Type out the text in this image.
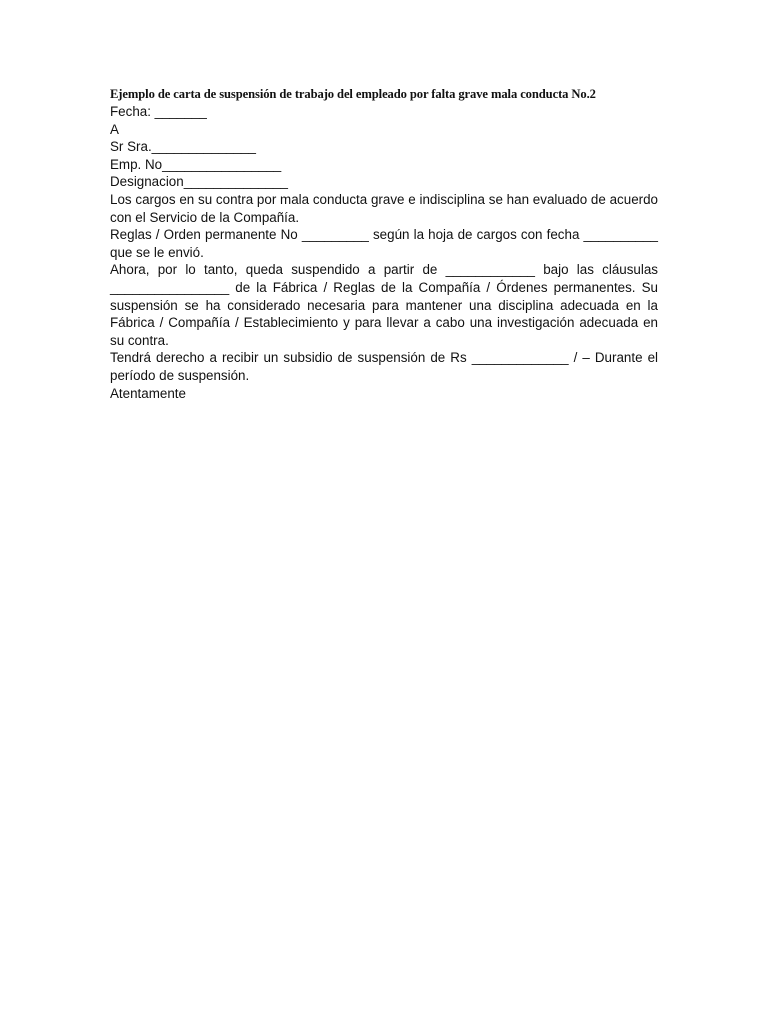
Ejemplo de carta de suspensión de trabajo del empleado por falta grave mala conducta No.2

Fecha: _______

A

Sr Sra.______________

Emp. No________________

Designacion______________

Los cargos en su contra por mala conducta grave e indisciplina se han evaluado de acuerdo con el Servicio de la Compañía.

Reglas / Orden permanente No _________ según la hoja de cargos con fecha __________ que se le envió.

Ahora, por lo tanto, queda suspendido a partir de ____________ bajo las cláusulas ________________ de la Fábrica / Reglas de la Compañía / Órdenes permanentes. Su suspensión se ha considerado necesaria para mantener una disciplina adecuada en la Fábrica / Compañía / Establecimiento y para llevar a cabo una investigación adecuada en su contra.

Tendrá derecho a recibir un subsidio de suspensión de Rs _____________ / – Durante el período de suspensión.

Atentamente
